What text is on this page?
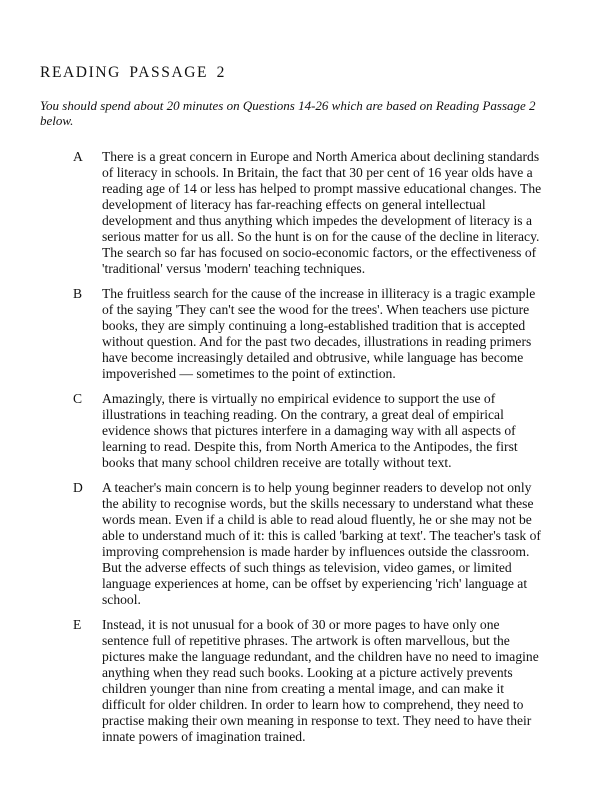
READING PASSAGE 2

You should spend about 20 minutes on Questions 14-26 which are based on Reading Passage 2 below.

A	There is a great concern in Europe and North America about declining standards of literacy in schools. In Britain, the fact that 30 per cent of 16 year olds have a reading age of 14 or less has helped to prompt massive educational changes. The development of literacy has far-reaching effects on general intellectual development and thus anything which impedes the development of literacy is a serious matter for us all. So the hunt is on for the cause of the decline in literacy. The search so far has focused on socio-economic factors, or the effectiveness of 'traditional' versus 'modern' teaching techniques.

B	The fruitless search for the cause of the increase in illiteracy is a tragic example of the saying 'They can't see the wood for the trees'. When teachers use picture books, they are simply continuing a long-established tradition that is accepted without question. And for the past two decades, illustrations in reading primers have become increasingly detailed and obtrusive, while language has become impoverished — sometimes to the point of extinction.

C	Amazingly, there is virtually no empirical evidence to support the use of illustrations in teaching reading. On the contrary, a great deal of empirical evidence shows that pictures interfere in a damaging way with all aspects of learning to read. Despite this, from North America to the Antipodes, the first books that many school children receive are totally without text.

D	A teacher's main concern is to help young beginner readers to develop not only the ability to recognise words, but the skills necessary to understand what these words mean. Even if a child is able to read aloud fluently, he or she may not be able to understand much of it: this is called 'barking at text'. The teacher's task of improving comprehension is made harder by influences outside the classroom. But the adverse effects of such things as television, video games, or limited language experiences at home, can be offset by experiencing 'rich' language at school.

E	Instead, it is not unusual for a book of 30 or more pages to have only one sentence full of repetitive phrases. The artwork is often marvellous, but the pictures make the language redundant, and the children have no need to imagine anything when they read such books. Looking at a picture actively prevents children younger than nine from creating a mental image, and can make it difficult for older children. In order to learn how to comprehend, they need to practise making their own meaning in response to text. They need to have their innate powers of imagination trained.
